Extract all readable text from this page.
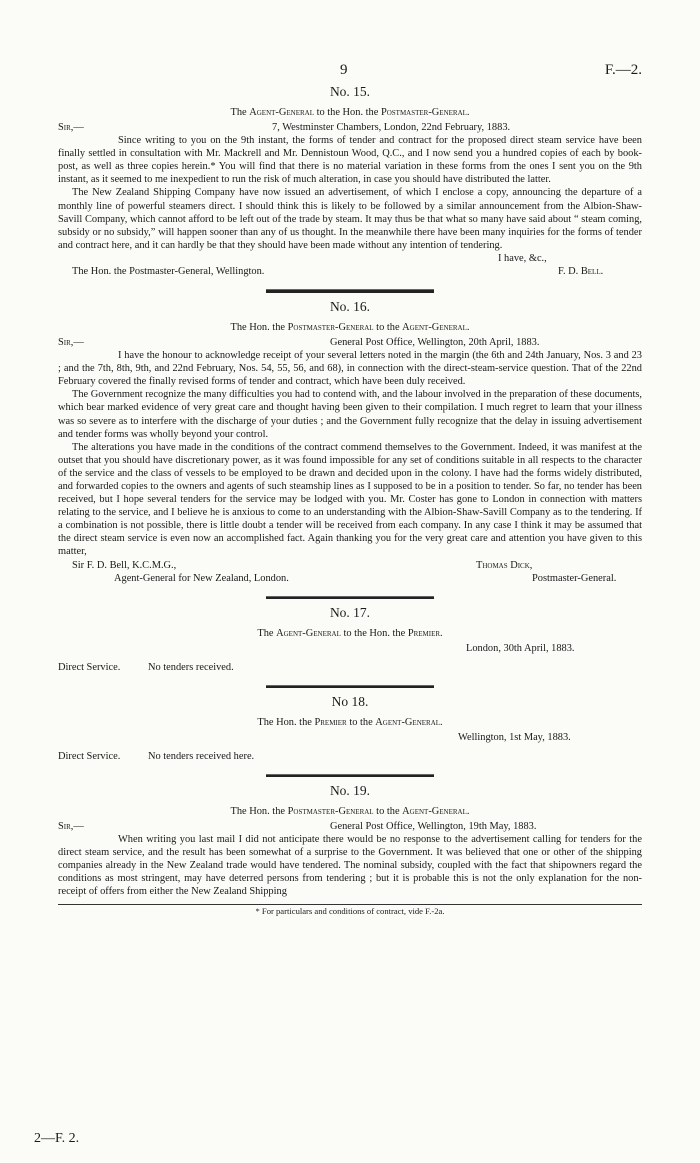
9	F.—2.
No. 15.
The Agent-General to the Hon. the Postmaster-General.
Sir,—	7, Westminster Chambers, London, 22nd February, 1883.

Since writing to you on the 9th instant, the forms of tender and contract for the proposed direct steam service have been finally settled in consultation with Mr. Mackrell and Mr. Dennistoun Wood, Q.C., and I now send you a hundred copies of each by book-post, as well as three copies herein.* You will find that there is no material variation in these forms from the ones I sent you on the 9th instant, as it seemed to me inexpedient to run the risk of much alteration, in case you should have distributed the latter.

The New Zealand Shipping Company have now issued an advertisement, of which I enclose a copy, announcing the departure of a monthly line of powerful steamers direct. I should think this is likely to be followed by a similar announcement from the Albion-Shaw-Savill Company, which cannot afford to be left out of the trade by steam. It may thus be that what so many have said about “ steam coming, subsidy or no subsidy,” will happen sooner than any of us thought. In the meanwhile there have been many inquiries for the forms of tender and contract here, and it can hardly be that they should have been made without any intention of tendering.

I have, &c.,
The Hon. the Postmaster-General, Wellington.	F. D. Bell.
No. 16.
The Hon. the Postmaster-General to the Agent-General.
Sir,—	General Post Office, Wellington, 20th April, 1883.

I have the honour to acknowledge receipt of your several letters noted in the margin (the 6th and 24th January, Nos. 3 and 23 ; and the 7th, 8th, 9th, and 22nd February, Nos. 54, 55, 56, and 68), in connection with the direct-steam-service question. That of the 22nd February covered the finally revised forms of tender and contract, which have been duly received.

The Government recognize the many difficulties you had to contend with, and the labour involved in the preparation of these documents, which bear marked evidence of very great care and thought having been given to their compilation. I much regret to learn that your illness was so severe as to interfere with the discharge of your duties ; and the Government fully recognize that the delay in issuing advertisement and tender forms was wholly beyond your control.

The alterations you have made in the conditions of the contract commend themselves to the Government. Indeed, it was manifest at the outset that you should have discretionary power, as it was found impossible for any set of conditions suitable in all respects to the character of the service and the class of vessels to be employed to be drawn and decided upon in the colony. I have had the forms widely distributed, and forwarded copies to the owners and agents of such steamship lines as I supposed to be in a position to tender. So far, no tender has been received, but I hope several tenders for the service may be lodged with you. Mr. Coster has gone to London in connection with matters relating to the service, and I believe he is anxious to come to an understanding with the Albion-Shaw-Savill Company as to the tendering. If a combination is not possible, there is little doubt a tender will be received from each company. In any case I think it may be assumed that the direct steam service is even now an accomplished fact. Again thanking you for the very great care and attention you have given to this matter,

Sir F. D. Bell, K.C.M.G.,	Thomas Dick,
Agent-General for New Zealand, London.	Postmaster-General.
No. 17.
The Agent-General to the Hon. the Premier.
London, 30th April, 1883.
Direct Service.	No tenders received.
No 18.
The Hon. the Premier to the Agent-General.
Wellington, 1st May, 1883.
Direct Service.	No tenders received here.
No. 19.
The Hon. the Postmaster-General to the Agent-General.
Sir,—	General Post Office, Wellington, 19th May, 1883.

When writing you last mail I did not anticipate there would be no response to the advertisement calling for tenders for the direct steam service, and the result has been somewhat of a surprise to the Government. It was believed that one or other of the shipping companies already in the New Zealand trade would have tendered. The nominal subsidy, coupled with the fact that shipowners regard the conditions as most stringent, may have deterred persons from tendering ; but it is probable this is not the only explanation for the non-receipt of offers from either the New Zealand Shipping

* For particulars and conditions of contract, vide F.-2a.
2—F. 2.
